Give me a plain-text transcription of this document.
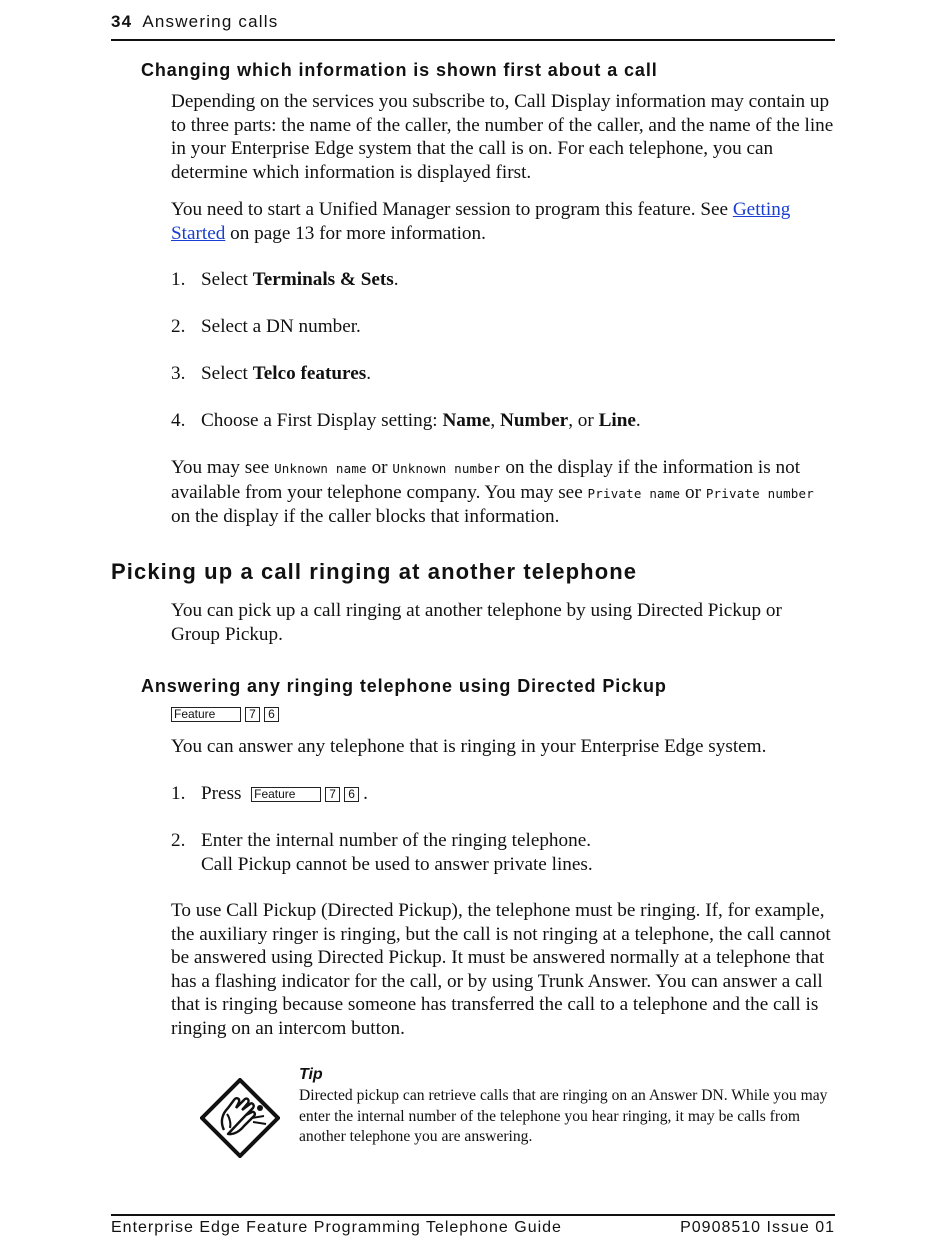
34 Answering calls
Changing which information is shown first about a call
Depending on the services you subscribe to, Call Display information may contain up to three parts: the name of the caller, the number of the caller, and the name of the line in your Enterprise Edge system that the call is on. For each telephone, you can determine which information is displayed first.
You need to start a Unified Manager session to program this feature. See Getting Started on page 13 for more information.
1. Select Terminals & Sets.
2. Select a DN number.
3. Select Telco features.
4. Choose a First Display setting: Name, Number, or Line.
You may see Unknown name or Unknown number on the display if the information is not available from your telephone company. You may see Private name or Private number on the display if the caller blocks that information.
Picking up a call ringing at another telephone
You can pick up a call ringing at another telephone by using Directed Pickup or Group Pickup.
Answering any ringing telephone using Directed Pickup
Feature	7 6
You can answer any telephone that is ringing in your Enterprise Edge system.
1. Press Feature	7 6 .
2. Enter the internal number of the ringing telephone.
Call Pickup cannot be used to answer private lines.
To use Call Pickup (Directed Pickup), the telephone must be ringing. If, for example, the auxiliary ringer is ringing, but the call is not ringing at a telephone, the call cannot be answered using Directed Pickup. It must be answered normally at a telephone that has a flashing indicator for the call, or by using Trunk Answer. You can answer a call that is ringing because someone has transferred the call to a telephone and the call is ringing on an intercom button.
Tip
Directed pickup can retrieve calls that are ringing on an Answer DN. While you may enter the internal number of the telephone you hear ringing, it may be calls from another telephone you are answering.
Enterprise Edge Feature Programming Telephone Guide	P0908510 Issue 01
